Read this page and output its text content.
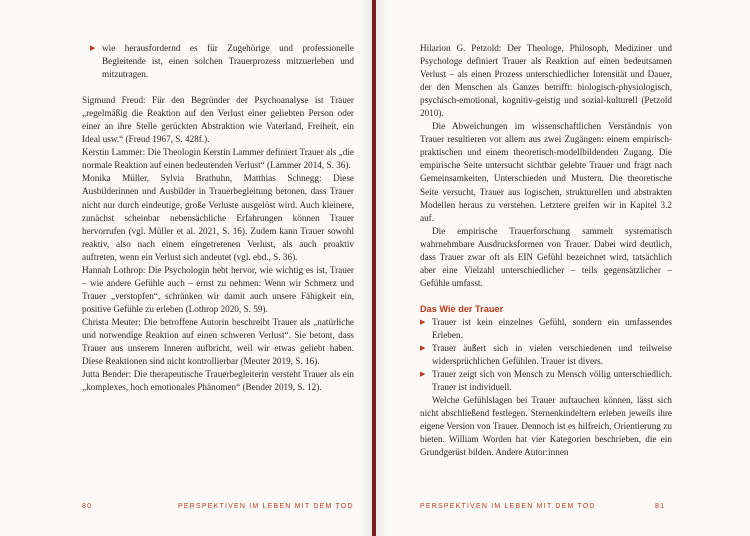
▶ wie herausfordernd es für Zugehörige und professionelle Begleitende ist, einen solchen Trauerprozess mitzuerleben und mitzutragen.

Sigmund Freud: Für den Begründer der Psychoanalyse ist Trauer „regelmäßig die Reaktion auf den Verlust einer geliebten Person oder einer an ihre Stelle gerückten Abstraktion wie Vaterland, Freiheit, ein Ideal usw.“ (Freud 1967, S. 428f.).

Kerstin Lammer: Die Theologin Kerstin Lammer definiert Trauer als „die normale Reaktion auf einen bedeutenden Verlust“ (Lammer 2014, S. 36).

Monika Müller, Sylvia Brathuhn, Matthias Schnegg: Diese Ausbilderinnen und Ausbilder in Trauerbegleitung betonen, dass Trauer nicht nur durch eindeutige, große Verluste ausgelöst wird. Auch kleinere, zunächst scheinbar nebensächliche Erfahrungen können Trauer hervorrufen (vgl. Müller et al. 2021, S. 16). Zudem kann Trauer sowohl reaktiv, also nach einem eingetretenen Verlust, als auch proaktiv auftreten, wenn ein Verlust sich andeutet (vgl. ebd., S. 36).

Hannah Lothrop: Die Psychologin hebt hervor, wie wichtig es ist, Trauer – wie andere Gefühle auch – ernst zu nehmen: Wenn wir Schmerz und Trauer „verstopfen“, schränken wir damit auch unsere Fähigkeit ein, positive Gefühle zu erleben (Lothrop 2020, S. 59).

Christa Meuter: Die betroffene Autorin beschreibt Trauer als „natürliche und notwendige Reaktion auf einen schweren Verlust“. Sie betont, dass Trauer aus unserem Inneren aufbricht, weil wir etwas geliebt haben. Diese Reaktionen sind nicht kontrollierbar (Meuter 2019, S. 16).

Jutta Bender: Die therapeutische Trauerbegleiterin versteht Trauer als ein „komplexes, hoch emotionales Phänomen“ (Bender 2019, S. 12).

80	PERSPEKTIVEN IM LEBEN MIT DEM TOD

Hilarion G. Petzold: Der Theologe, Philosoph, Mediziner und Psychologe definiert Trauer als Reaktion auf einen bedeutsamen Verlust – als einen Prozess unterschiedlicher Intensität und Dauer, der den Menschen als Ganzes betrifft: biologisch-physiologisch, psychisch-emotional, kognitiv-geistig und sozial-kulturell (Petzold 2010).

Die Abweichungen im wissenschaftlichen Verständnis von Trauer resultieren vor allem aus zwei Zugängen: einem empirisch-praktischen und einem theoretisch-modellbildenden Zugang. Die empirische Seite untersucht sichtbar gelebte Trauer und fragt nach Gemeinsamkeiten, Unterschieden und Mustern. Die theoretische Seite versucht, Trauer aus logischen, strukturellen und abstrakten Modellen heraus zu verstehen. Letztere greifen wir in Kapitel 3.2 auf.

Die empirische Trauerforschung sammelt systematisch wahrnehmbare Ausdrucksformen von Trauer. Dabei wird deutlich, dass Trauer zwar oft als EIN Gefühl bezeichnet wird, tatsächlich aber eine Vielzahl unterschiedlicher – teils gegensätzlicher – Gefühle umfasst.

Das Wie der Trauer

▶ Trauer ist kein einzelnes Gefühl, sondern ein umfassendes Erleben.
▶ Trauer äußert sich in vielen verschiedenen und teilweise widersprüchlichen Gefühlen. Trauer ist divers.
▶ Trauer zeigt sich von Mensch zu Mensch völlig unterschiedlich. Trauer ist individuell.

Welche Gefühlslagen bei Trauer auftauchen können, lässt sich nicht abschließend festlegen. Sternenkindeltern erleben jeweils ihre eigene Version von Trauer. Dennoch ist es hilfreich, Orientierung zu bieten. William Worden hat vier Kategorien beschrieben, die ein Grundgerüst bilden. Andere Autor:innen

PERSPEKTIVEN IM LEBEN MIT DEM TOD	81
